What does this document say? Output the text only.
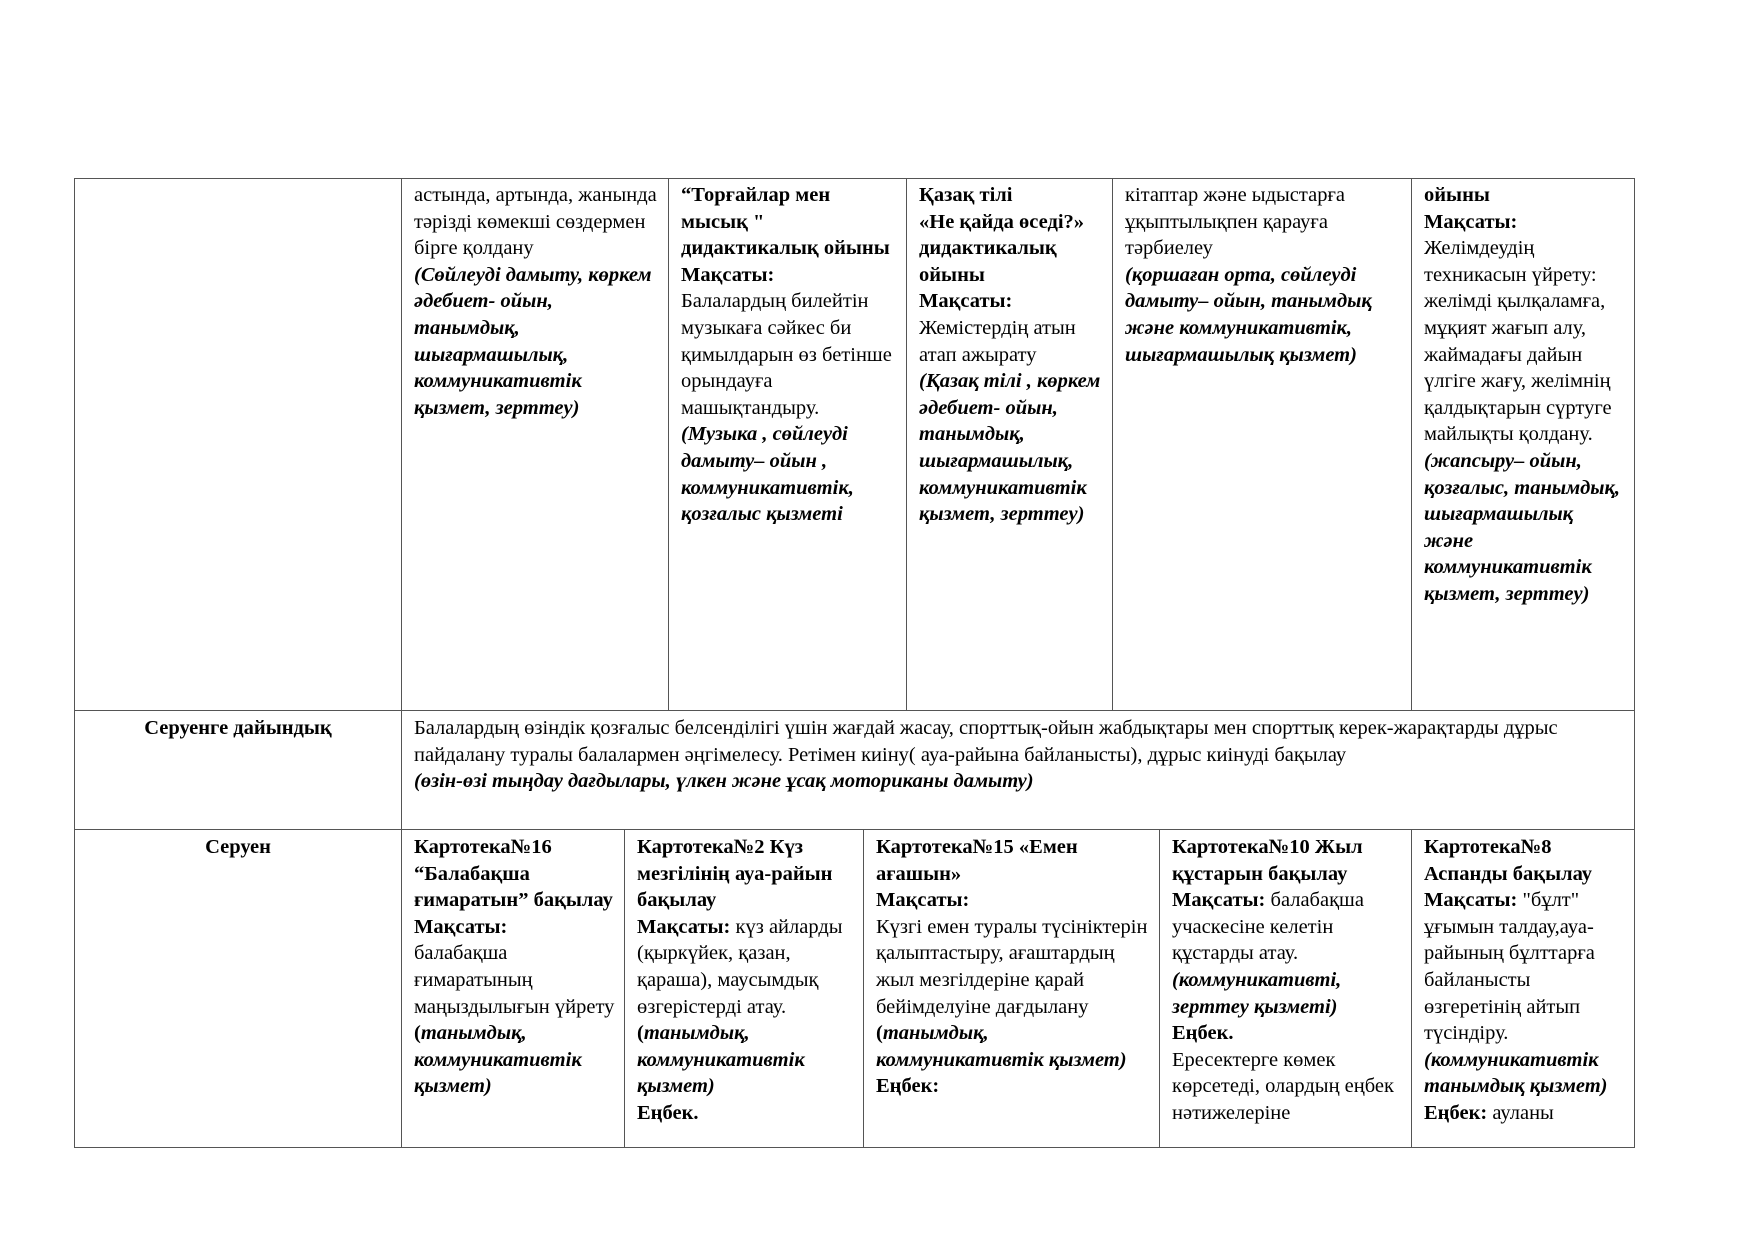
астында, артында, жанында тәрізді көмекші сөздермен бірге қолдану

(Сөйлеуді дамыту, көркем әдебиет- ойын, танымдық, шығармашылық, коммуникативтік қызмет, зерттеу)

“Торғайлар мен мысық " дидактикалық ойыны

Мақсаты:

Балалардың билейтін музыкаға сәйкес би қимылдарын өз бетінше орындауға машықтандыру.

(Музыка , сөйлеуді дамыту– ойын , коммуникативтік, қозғалыс қызметі

Қазақ тілі

«Не қайда өседі?» дидактикалық ойыны

Мақсаты:

Жемістердің атын атап ажырату

(Қазақ тілі , көркем әдебиет- ойын, танымдық, шығармашылық, коммуникативтік қызмет, зерттеу)

кітаптар және ыдыстарға ұқыптылықпен қарауға тәрбиелеу

(қоршаған орта, сөйлеуді дамыту– ойын, танымдық және коммуникативтік, шығармашылық қызмет)

ойыны

Мақсаты:

Желімдеудің техникасын үйрету: желімді қылқаламға, мұқият жағып алу, жаймадағы дайын үлгіге жағу, желімнің қалдықтарын сүртуге майлықты қолдану.

(жапсыру– ойын, қозғалыс, танымдық, шығармашылық және коммуникативтік қызмет, зерттеу)

Серуенге дайындық	Балалардың өзіндік қозғалыс белсенділігі үшін жағдай жасау, спорттық-ойын жабдықтары мен спорттық керек-жарақтарды дұрыс пайдалану туралы балалармен әңгімелесу. Ретімен киіну( ауа-райына байланысты), дұрыс киінуді бақылау

(өзін-өзі тыңдау дағдылары, үлкен және ұсақ моториканы дамыту)

Серуен	Картотека№16 “Балабақша ғимаратын” бақылау

Мақсаты:

балабақша ғимаратының маңыздылығын үйрету

(танымдық, коммуникативтік қызмет)

Картотека№2 Күз мезгілінің ауа-райын бақылау

Мақсаты: күз айларды (қыркүйек, қазан, қараша), маусымдық өзгерістерді атау.

(танымдық, коммуникативтік қызмет)

Еңбек.

Картотека№15 «Емен ағашын»

Мақсаты:

Күзгі емен туралы түсініктерін қалыптастыру, ағаштардың жыл мезгілдеріне қарай бейімделуіне дағдылану

(танымдық, коммуникативтік қызмет)

Еңбек:

Картотека№10 Жыл құстарын бақылау

Мақсаты: балабақша учаскесіне келетін құстарды атау.

(коммуникативті, зерттеу қызметі)

Еңбек.

Ересектерге көмек көрсетеді, олардың еңбек нәтижелеріне

Картотека№8 Аспанды бақылау

Мақсаты: "бұлт" ұғымын талдау,ауа-райының бұлттарға байланысты өзгеретінің айтып түсіндіру.

(коммуникативтік танымдық қызмет)

Еңбек: ауланы
